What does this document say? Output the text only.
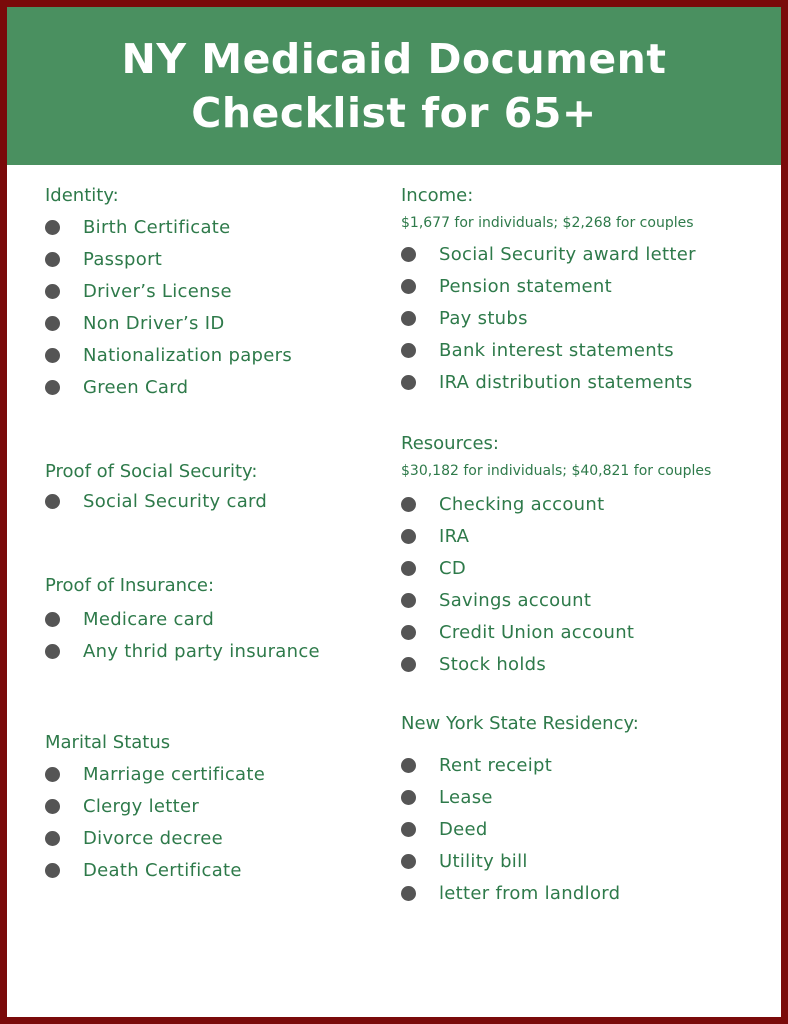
NY Medicaid Document Checklist for 65+
Identity:
Birth Certificate
Passport
Driver’s License
Non Driver’s ID
Nationalization papers
Green Card
Proof of Social Security:
Social Security card
Proof of Insurance:
Medicare card
Any thrid party insurance
Marital Status
Marriage certificate
Clergy letter
Divorce decree
Death Certificate
Income:
$1,677 for individuals; $2,268 for couples
Social Security award letter
Pension statement
Pay stubs
Bank interest statements
IRA distribution statements
Resources:
$30,182 for individuals; $40,821 for couples
Checking account
IRA
CD
Savings account
Credit Union account
Stock holds
New York State Residency:
Rent receipt
Lease
Deed
Utility bill
letter from landlord
